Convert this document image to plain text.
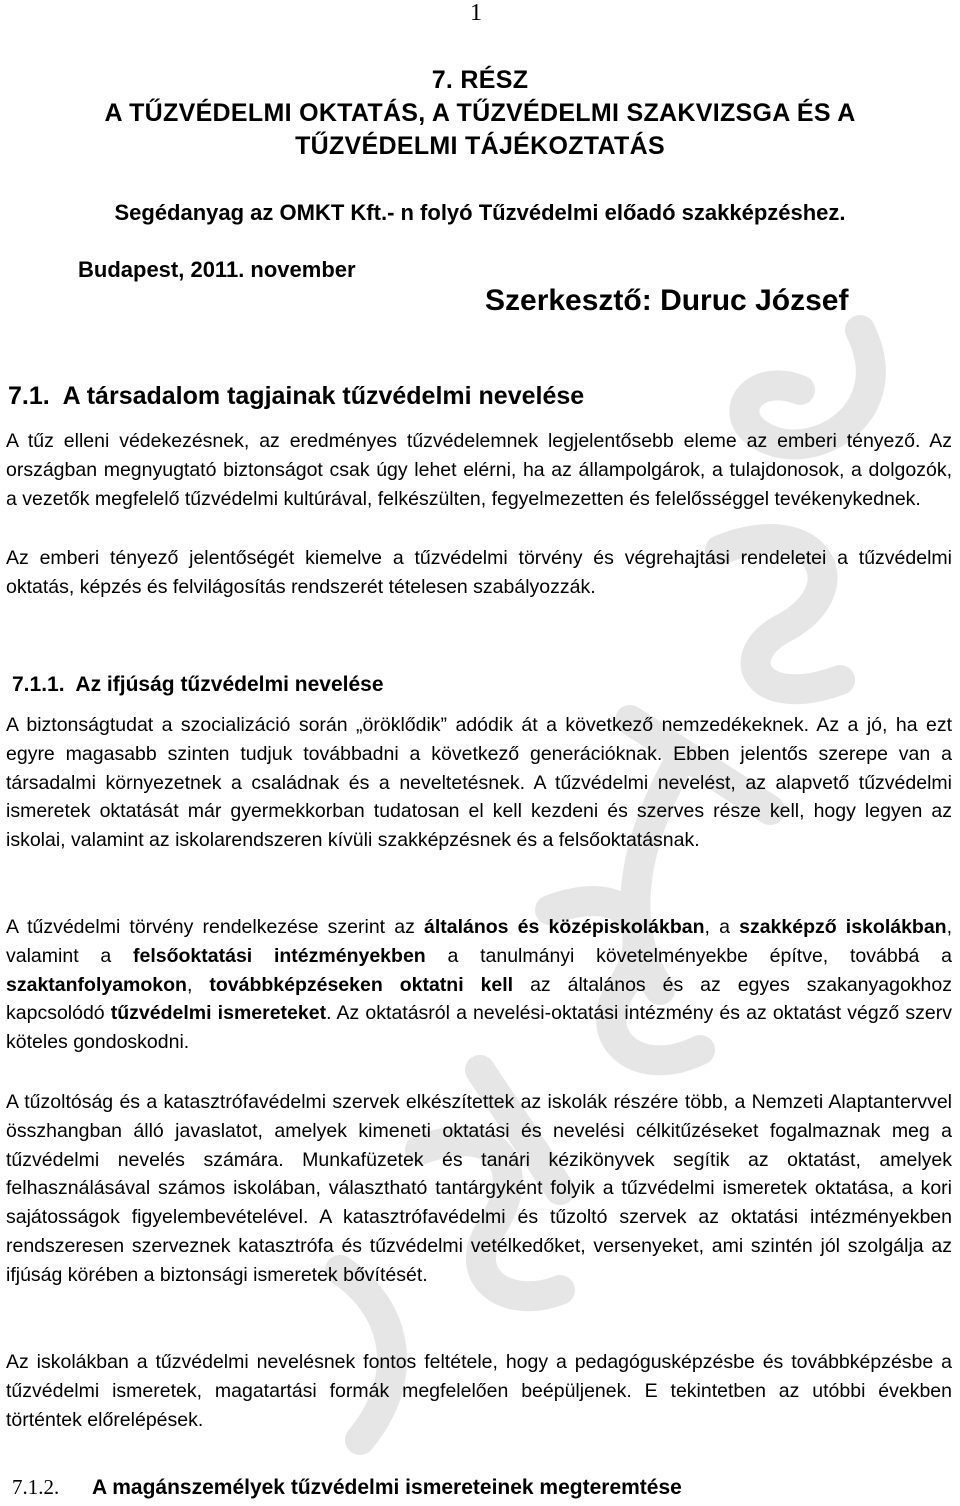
1
7. RÉSZ
A TŰZVÉDELMI OKTATÁS, A TŰZVÉDELMI SZAKVIZSGA ÉS A
TŰZVÉDELMI TÁJÉKOZTATÁS
Segédanyag az OMKT Kft.- n folyó Tűzvédelmi előadó szakképzéshez.
Budapest, 2011. november
Szerkesztő: Duruc József
7.1.  A társadalom tagjainak tűzvédelmi nevelése
A tűz elleni védekezésnek, az eredményes tűzvédelemnek legjelentősebb eleme az emberi tényező. Az országban megnyugtató biztonságot csak úgy lehet elérni, ha az állampolgárok, a tulajdonosok, a dolgozók, a vezetők megfelelő tűzvédelmi kultúrával, felkészülten, fegyelmezetten és felelősséggel tevékenykednek.
Az emberi tényező jelentőségét kiemelve a tűzvédelmi törvény és végrehajtási rendeletei a tűzvédelmi oktatás, képzés és felvilágosítás rendszerét tételesen szabályozzák.
7.1.1.  Az ifjúság tűzvédelmi nevelése
A biztonságtudat a szocializáció során „öröklődik” adódik át a következő nemzedékeknek. Az a jó, ha ezt egyre magasabb szinten tudjuk továbbadni a következő generációknak. Ebben jelentős szerepe van a társadalmi környezetnek a családnak és a neveltetésnek. A tűzvédelmi nevelést, az alapvető tűzvédelmi ismeretek oktatását már gyermekkorban tudatosan el kell kezdeni és szerves része kell, hogy legyen az iskolai, valamint az iskolarendszeren kívüli szakképzésnek és a felsőoktatásnak.
A tűzvédelmi törvény rendelkezése szerint az általános és középiskolákban, a szakképző iskolákban, valamint a felsőoktatási intézményekben a tanulmányi követelményekbe építve, továbbá a szaktanfolyamokon, továbbképzéseken oktatni kell az általános és az egyes szakanyagokhoz kapcsolódó tűzvédelmi ismereteket. Az oktatásról a nevelési-oktatási intézmény és az oktatást végző szerv köteles gondoskodni.
A tűzoltóság és a katasztrófavédelmi szervek elkészítettek az iskolák részére több, a Nemzeti Alaptantervvel összhangban álló javaslatot, amelyek kimeneti oktatási és nevelési célkitűzéseket fogalmaznak meg a tűzvédelmi nevelés számára. Munkafüzetek és tanári kézikönyvek segítik az oktatást, amelyek felhasználásával számos iskolában, választható tantárgyként folyik a tűzvédelmi ismeretek oktatása, a kori sajátosságok figyelembevételével. A katasztrófavédelmi és tűzoltó szervek az oktatási intézményekben rendszeresen szerveznek katasztrófa és tűzvédelmi vetélkedőket, versenyeket, ami szintén jól szolgálja az ifjúság körében a biztonsági ismeretek bővítését.
Az iskolákban a tűzvédelmi nevelésnek fontos feltétele, hogy a pedagógusképzésbe és továbbképzésbe a tűzvédelmi ismeretek, magatartási formák megfelelően beépüljenek. E tekintetben az utóbbi években történtek előrelépések.
7.1.2. A magánszemélyek tűzvédelmi ismereteinek megteremtése
